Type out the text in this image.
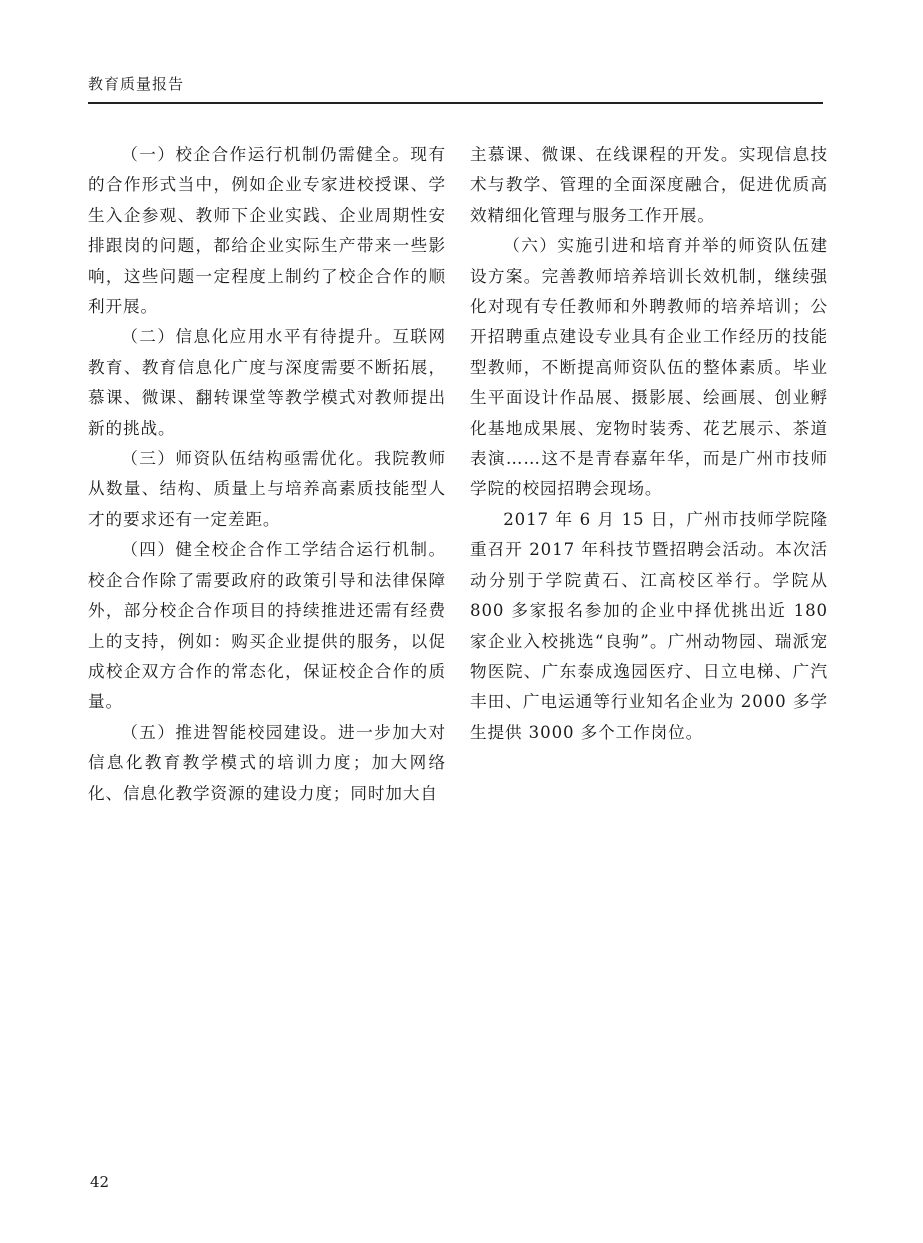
教育质量报告

（一）校企合作运行机制仍需健全。现有的合作形式当中，例如企业专家进校授课、学生入企参观、教师下企业实践、企业周期性安排跟岗的问题，都给企业实际生产带来一些影响，这些问题一定程度上制约了校企合作的顺利开展。

（二）信息化应用水平有待提升。互联网教育、教育信息化广度与深度需要不断拓展，慕课、微课、翻转课堂等教学模式对教师提出新的挑战。

（三）师资队伍结构亟需优化。我院教师从数量、结构、质量上与培养高素质技能型人才的要求还有一定差距。

（四）健全校企合作工学结合运行机制。校企合作除了需要政府的政策引导和法律保障外，部分校企合作项目的持续推进还需有经费上的支持，例如：购买企业提供的服务，以促成校企双方合作的常态化，保证校企合作的质量。

（五）推进智能校园建设。进一步加大对信息化教育教学模式的培训力度；加大网络化、信息化教学资源的建设力度；同时加大自

主慕课、微课、在线课程的开发。实现信息技术与教学、管理的全面深度融合，促进优质高效精细化管理与服务工作开展。

（六）实施引进和培育并举的师资队伍建设方案。完善教师培养培训长效机制，继续强化对现有专任教师和外聘教师的培养培训；公开招聘重点建设专业具有企业工作经历的技能型教师，不断提高师资队伍的整体素质。毕业生平面设计作品展、摄影展、绘画展、创业孵化基地成果展、宠物时装秀、花艺展示、茶道表演……这不是青春嘉年华，而是广州市技师学院的校园招聘会现场。

2017 年 6 月 15 日，广州市技师学院隆重召开 2017 年科技节暨招聘会活动。本次活动分别于学院黄石、江高校区举行。学院从 800 多家报名参加的企业中择优挑出近 180 家企业入校挑选“良驹”。广州动物园、瑞派宠物医院、广东泰成逸园医疗、日立电梯、广汽丰田、广电运通等行业知名企业为 2000 多学生提供 3000 多个工作岗位。

42
